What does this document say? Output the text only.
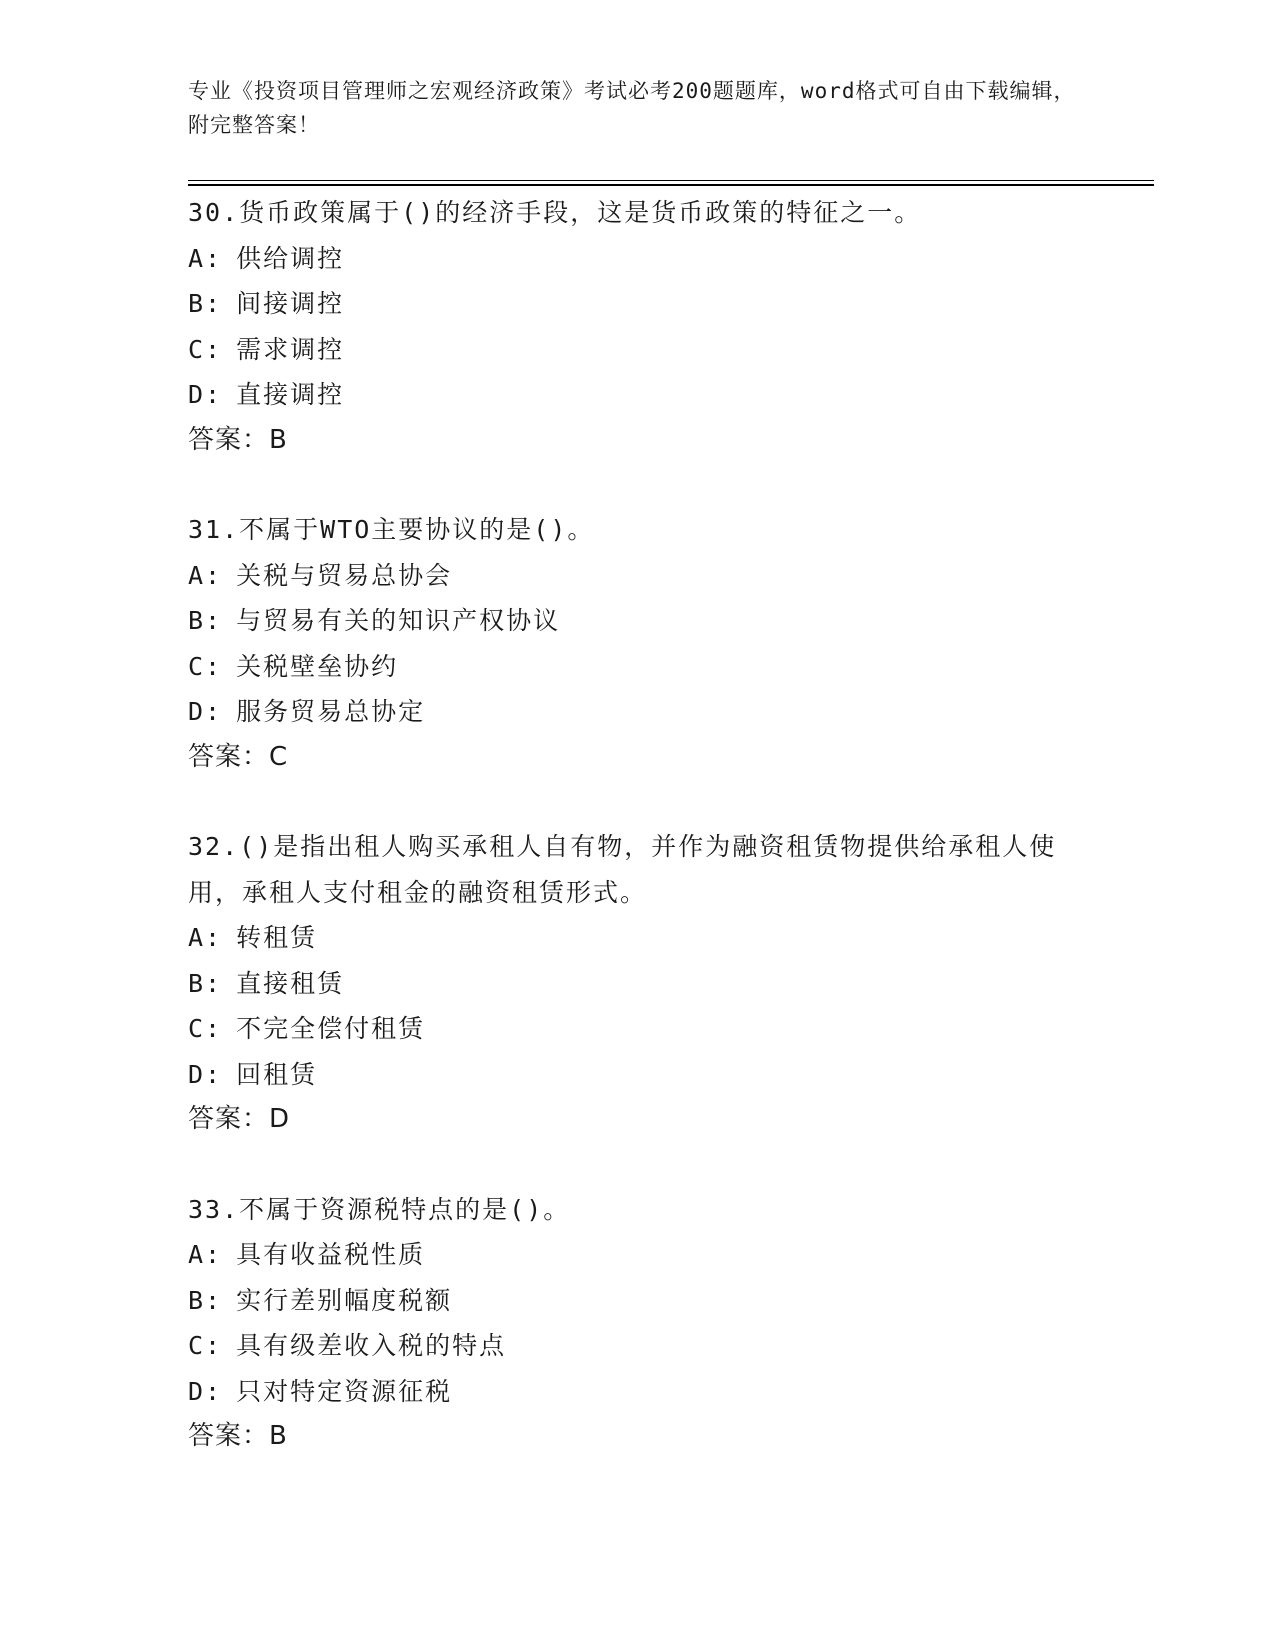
专业《投资项目管理师之宏观经济政策》考试必考200题题库，word格式可自由下载编辑，附完整答案！

30.货币政策属于()的经济手段，这是货币政策的特征之一。

A: 供给调控

B: 间接调控

C: 需求调控

D: 直接调控

答案：B

31.不属于WTO主要协议的是()。

A: 关税与贸易总协会

B: 与贸易有关的知识产权协议

C: 关税壁垒协约

D: 服务贸易总协定

答案：C

32.()是指出租人购买承租人自有物，并作为融资租赁物提供给承租人使用，承租人支付租金的融资租赁形式。

A: 转租赁

B: 直接租赁

C: 不完全偿付租赁

D: 回租赁

答案：D

33.不属于资源税特点的是()。

A: 具有收益税性质

B: 实行差别幅度税额

C: 具有级差收入税的特点

D: 只对特定资源征税

答案：B
